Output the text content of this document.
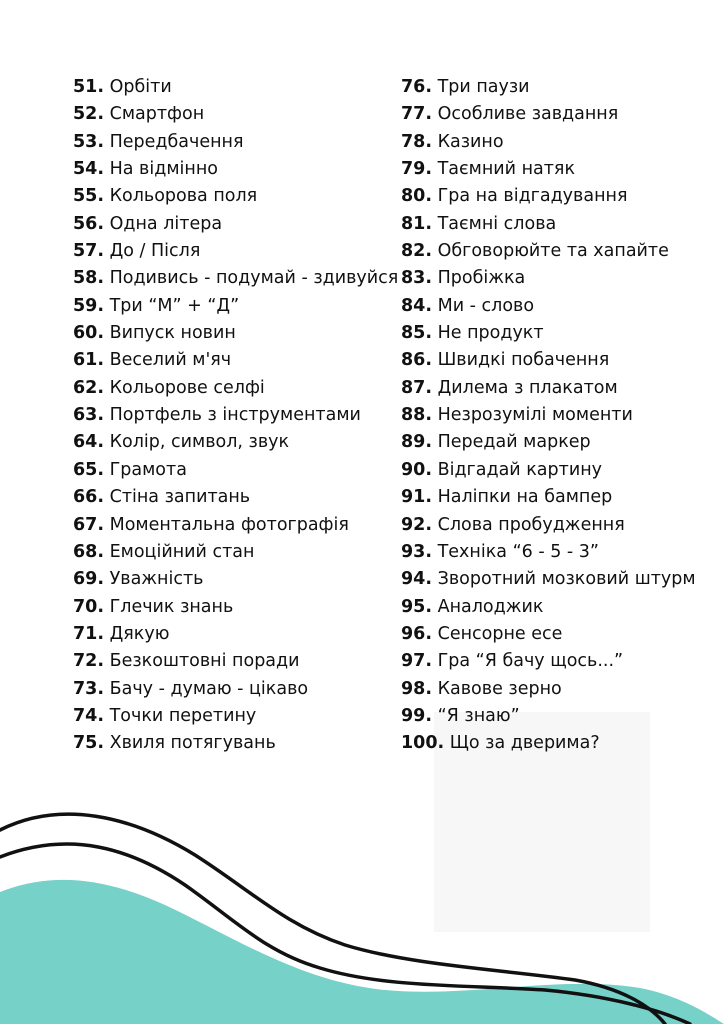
51. Орбіти
52. Смартфон
53. Передбачення
54. На відмінно
55. Кольорова поля
56. Одна літера
57. До / Після
58. Подивись - подумай - здивуйся
59. Три “М” + “Д”
60. Випуск новин
61. Веселий м'яч
62. Кольорове селфі
63. Портфель з інструментами
64. Колір, символ, звук
65. Грамота
66. Стіна запитань
67. Моментальна фотографія
68. Емоційний стан
69. Уважність
70. Глечик знань
71. Дякую
72. Безкоштовні поради
73. Бачу - думаю - цікаво
74. Точки перетину
75. Хвиля потягувань
76. Три паузи
77. Особливе завдання
78. Казино
79. Таємний натяк
80. Гра на відгадування
81. Таємні слова
82. Обговорюйте та хапайте
83. Пробіжка
84. Ми - слово
85. Не продукт
86. Швидкі побачення
87. Дилема з плакатом
88. Незрозумілі моменти
89. Передай маркер
90. Відгадай картину
91. Наліпки на бампер
92. Слова пробудження
93. Техніка “6 - 5 - 3”
94. Зворотний мозковий штурм
95. Аналоджик
96. Сенсорне есе
97. Гра “Я бачу щось...”
98. Кавове зерно
99. “Я знаю”
100. Що за дверима?
